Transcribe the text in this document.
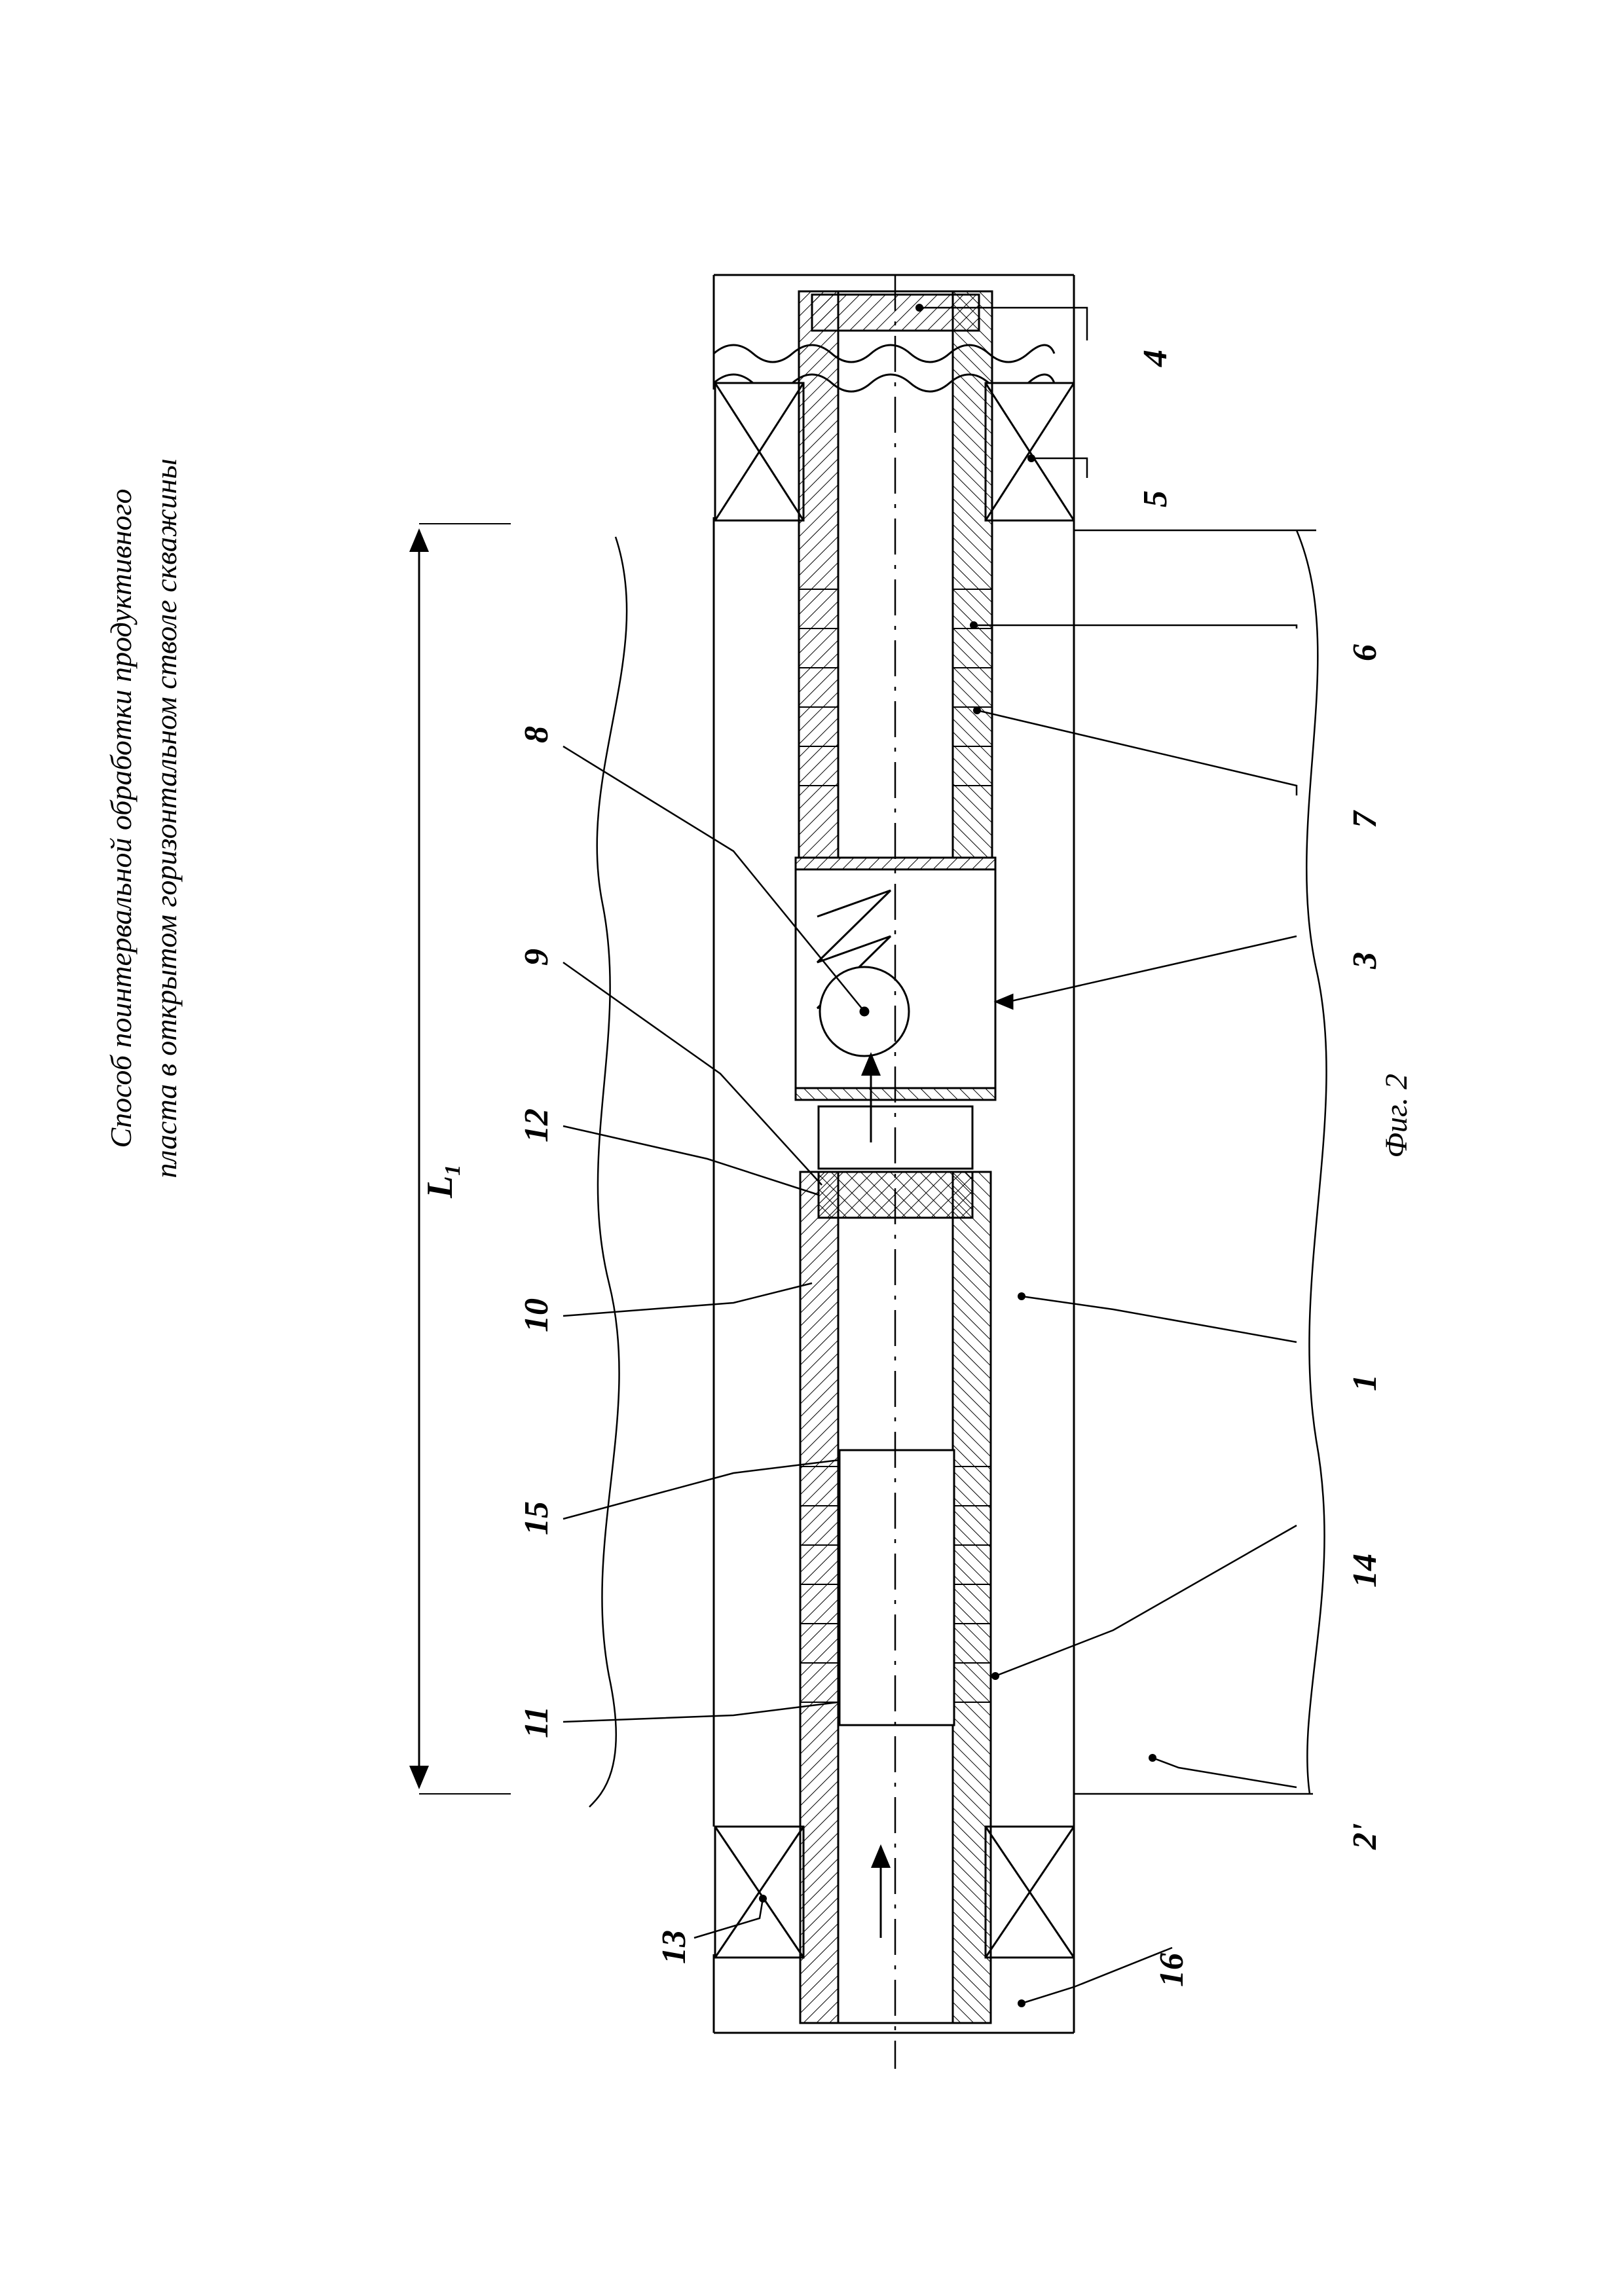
Способ поинтервальной обработки продуктивного пласта в открытом горизонтальном стволе скважины	Фиг. 2
$L_1$
4
5
6
7
3
8
9
12
10
15
11
13
1
14
2'
16
